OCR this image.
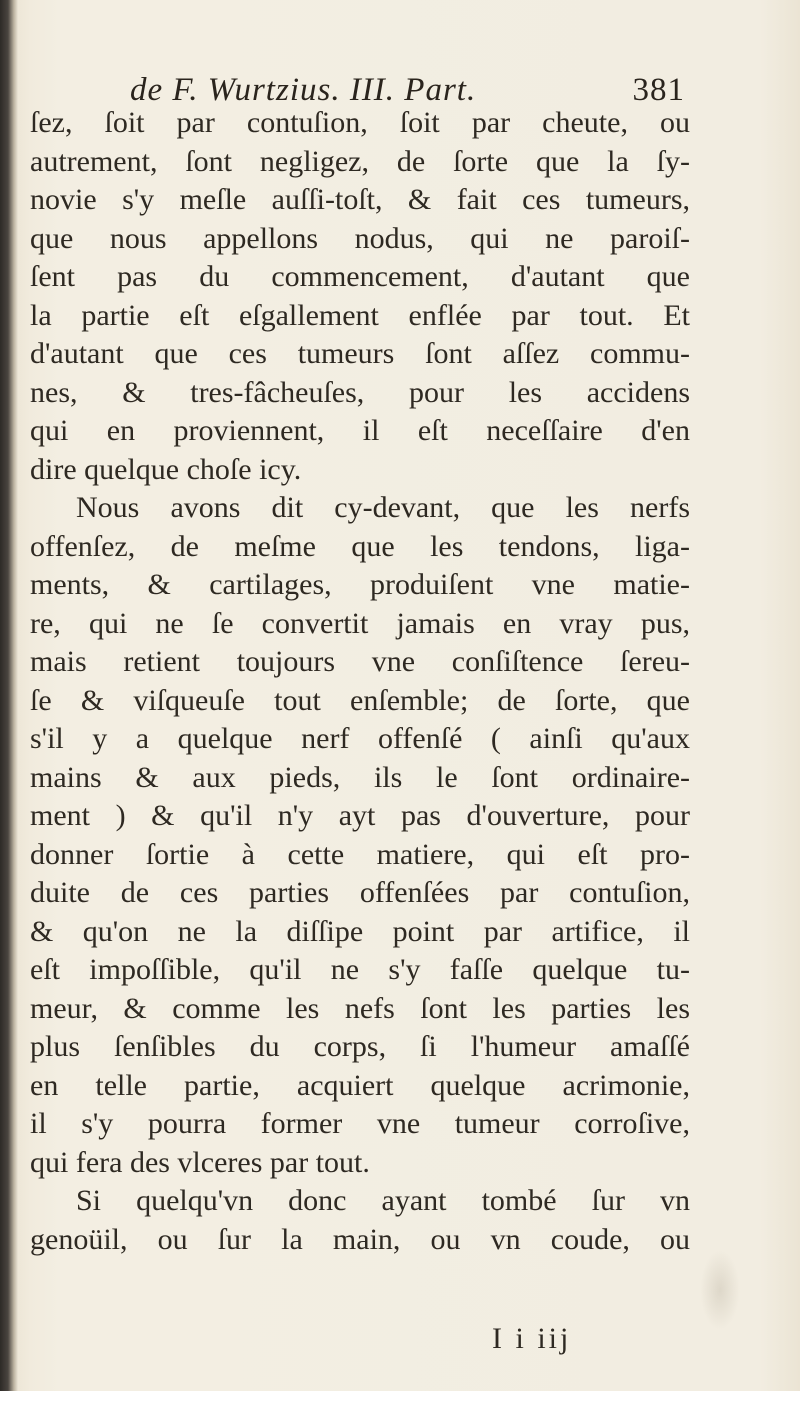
de F. Wurtzius. III. Part.	381
ſez, ſoit par contuſion, ſoit par cheute, ou
autrement, ſont negligez, de ſorte que la ſy-
novie s'y meſle auſſi-toſt, & fait ces tumeurs,
que nous appellons nodus, qui ne paroiſ-
ſent pas du commencement, d'autant que
la partie eſt eſgallement enflée par tout. Et
d'autant que ces tumeurs ſont aſſez commu-
nes, & tres-fâcheuſes, pour les accidens
qui en proviennent, il eſt neceſſaire d'en
dire quelque choſe icy.
Nous avons dit cy-devant, que les nerfs
offenſez, de meſme que les tendons, liga-
ments, & cartilages, produiſent vne matie-
re, qui ne ſe convertit jamais en vray pus,
mais retient toujours vne conſiſtence ſereu-
ſe & viſqueuſe tout enſemble; de ſorte, que
s'il y a quelque nerf offenſé ( ainſi qu'aux
mains & aux pieds, ils le ſont ordinaire-
ment ) & qu'il n'y ayt pas d'ouverture, pour
donner ſortie à cette matiere, qui eſt pro-
duite de ces parties offenſées par contuſion,
& qu'on ne la diſſipe point par artifice, il
eſt impoſſible, qu'il ne s'y faſſe quelque tu-
meur, & comme les nefs ſont les parties les
plus ſenſibles du corps, ſi l'humeur amaſſé
en telle partie, acquiert quelque acrimonie,
il s'y pourra former vne tumeur corroſive,
qui fera des vlceres par tout.
Si quelqu'vn donc ayant tombé ſur vn
genoüil, ou ſur la main, ou vn coude, ou
I i iij
